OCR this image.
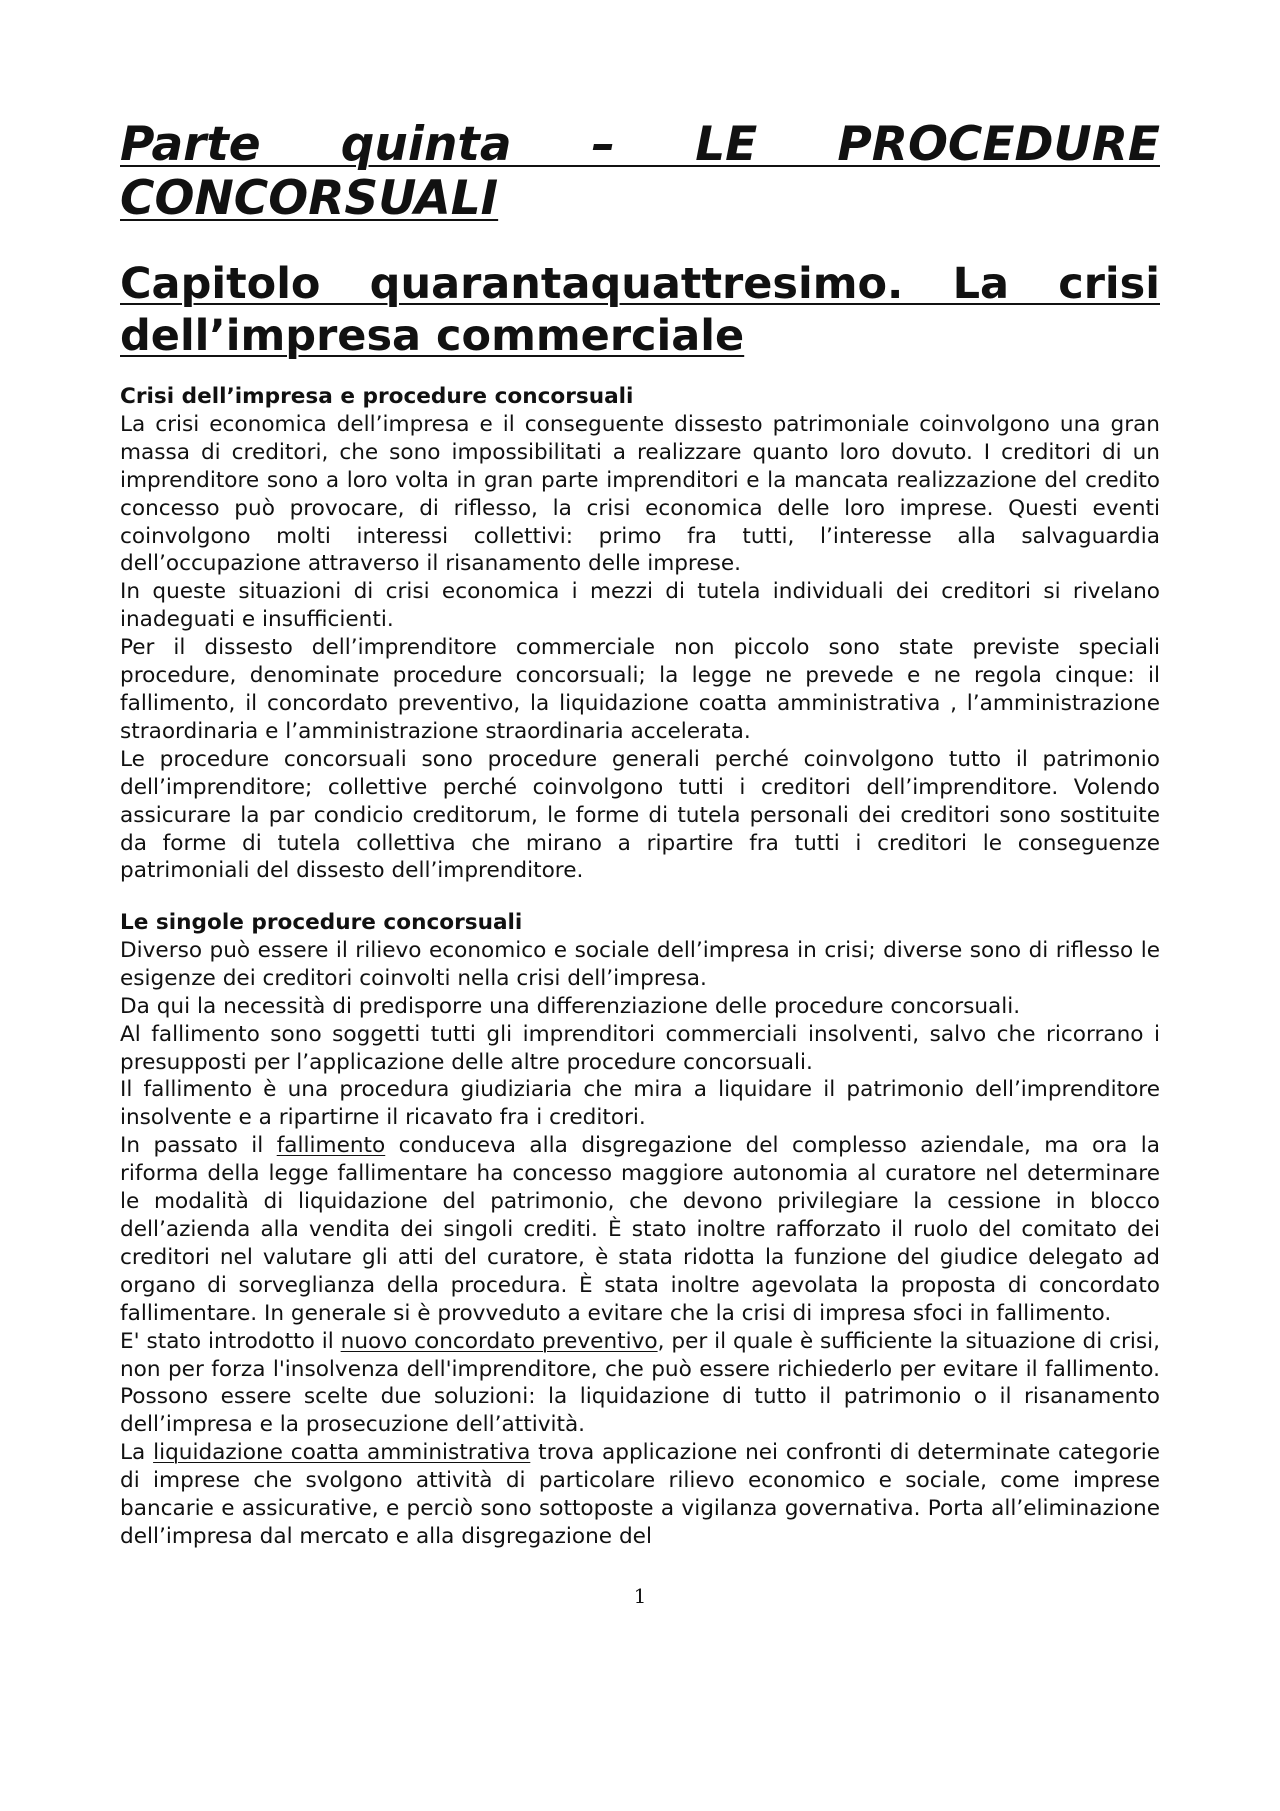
Parte quinta – LE PROCEDURE CONCORSUALI
Capitolo quarantaquattresimo. La crisi dell’impresa commerciale

Crisi dell’impresa e procedure concorsuali

La crisi economica dell’impresa e il conseguente dissesto patrimoniale coinvolgono una gran massa di creditori, che sono impossibilitati a realizzare quanto loro dovuto. I creditori di un imprenditore sono a loro volta in gran parte imprenditori e la mancata realizzazione del credito concesso può provocare, di riflesso, la crisi economica delle loro imprese. Questi eventi coinvolgono molti interessi collettivi: primo fra tutti, l’interesse alla salvaguardia dell’occupazione attraverso il risanamento delle imprese.

In queste situazioni di crisi economica i mezzi di tutela individuali dei creditori si rivelano inadeguati e insufficienti.

Per il dissesto dell’imprenditore commerciale non piccolo sono state previste speciali procedure, denominate procedure concorsuali; la legge ne prevede e ne regola cinque: il fallimento, il concordato preventivo, la liquidazione coatta amministrativa , l’amministrazione straordinaria e l’amministrazione straordinaria accelerata.

Le procedure concorsuali sono procedure generali perché coinvolgono tutto il patrimonio dell’imprenditore; collettive perché coinvolgono tutti i creditori dell’imprenditore. Volendo assicurare la par condicio creditorum, le forme di tutela personali dei creditori sono sostituite da forme di tutela collettiva che mirano a ripartire fra tutti i creditori le conseguenze patrimoniali del dissesto dell’imprenditore.

Le singole procedure concorsuali

Diverso può essere il rilievo economico e sociale dell’impresa in crisi; diverse sono di riflesso le esigenze dei creditori coinvolti nella crisi dell’impresa.

Da qui la necessità di predisporre una differenziazione delle procedure concorsuali.

Al fallimento sono soggetti tutti gli imprenditori commerciali insolventi, salvo che ricorrano i presupposti per l’applicazione delle altre procedure concorsuali.

Il fallimento è una procedura giudiziaria che mira a liquidare il patrimonio dell’imprenditore insolvente e a ripartirne il ricavato fra i creditori.

In passato il fallimento conduceva alla disgregazione del complesso aziendale, ma ora la riforma della legge fallimentare ha concesso maggiore autonomia al curatore nel determinare le modalità di liquidazione del patrimonio, che devono privilegiare la cessione in blocco dell’azienda alla vendita dei singoli crediti. È stato inoltre rafforzato il ruolo del comitato dei creditori nel valutare gli atti del curatore, è stata ridotta la funzione del giudice delegato ad organo di sorveglianza della procedura. È stata inoltre agevolata la proposta di concordato fallimentare. In generale si è provveduto a evitare che la crisi di impresa sfoci in fallimento.

E' stato introdotto il nuovo concordato preventivo, per il quale è sufficiente la situazione di crisi, non per forza l'insolvenza dell'imprenditore, che può essere richiederlo per evitare il fallimento. Possono essere scelte due soluzioni: la liquidazione di tutto il patrimonio o il risanamento dell’impresa e la prosecuzione dell’attività.

La liquidazione coatta amministrativa trova applicazione nei confronti di determinate categorie di imprese che svolgono attività di particolare rilievo economico e sociale, come imprese bancarie e assicurative, e perciò sono sottoposte a vigilanza governativa. Porta all’eliminazione dell’impresa dal mercato e alla disgregazione del

1
